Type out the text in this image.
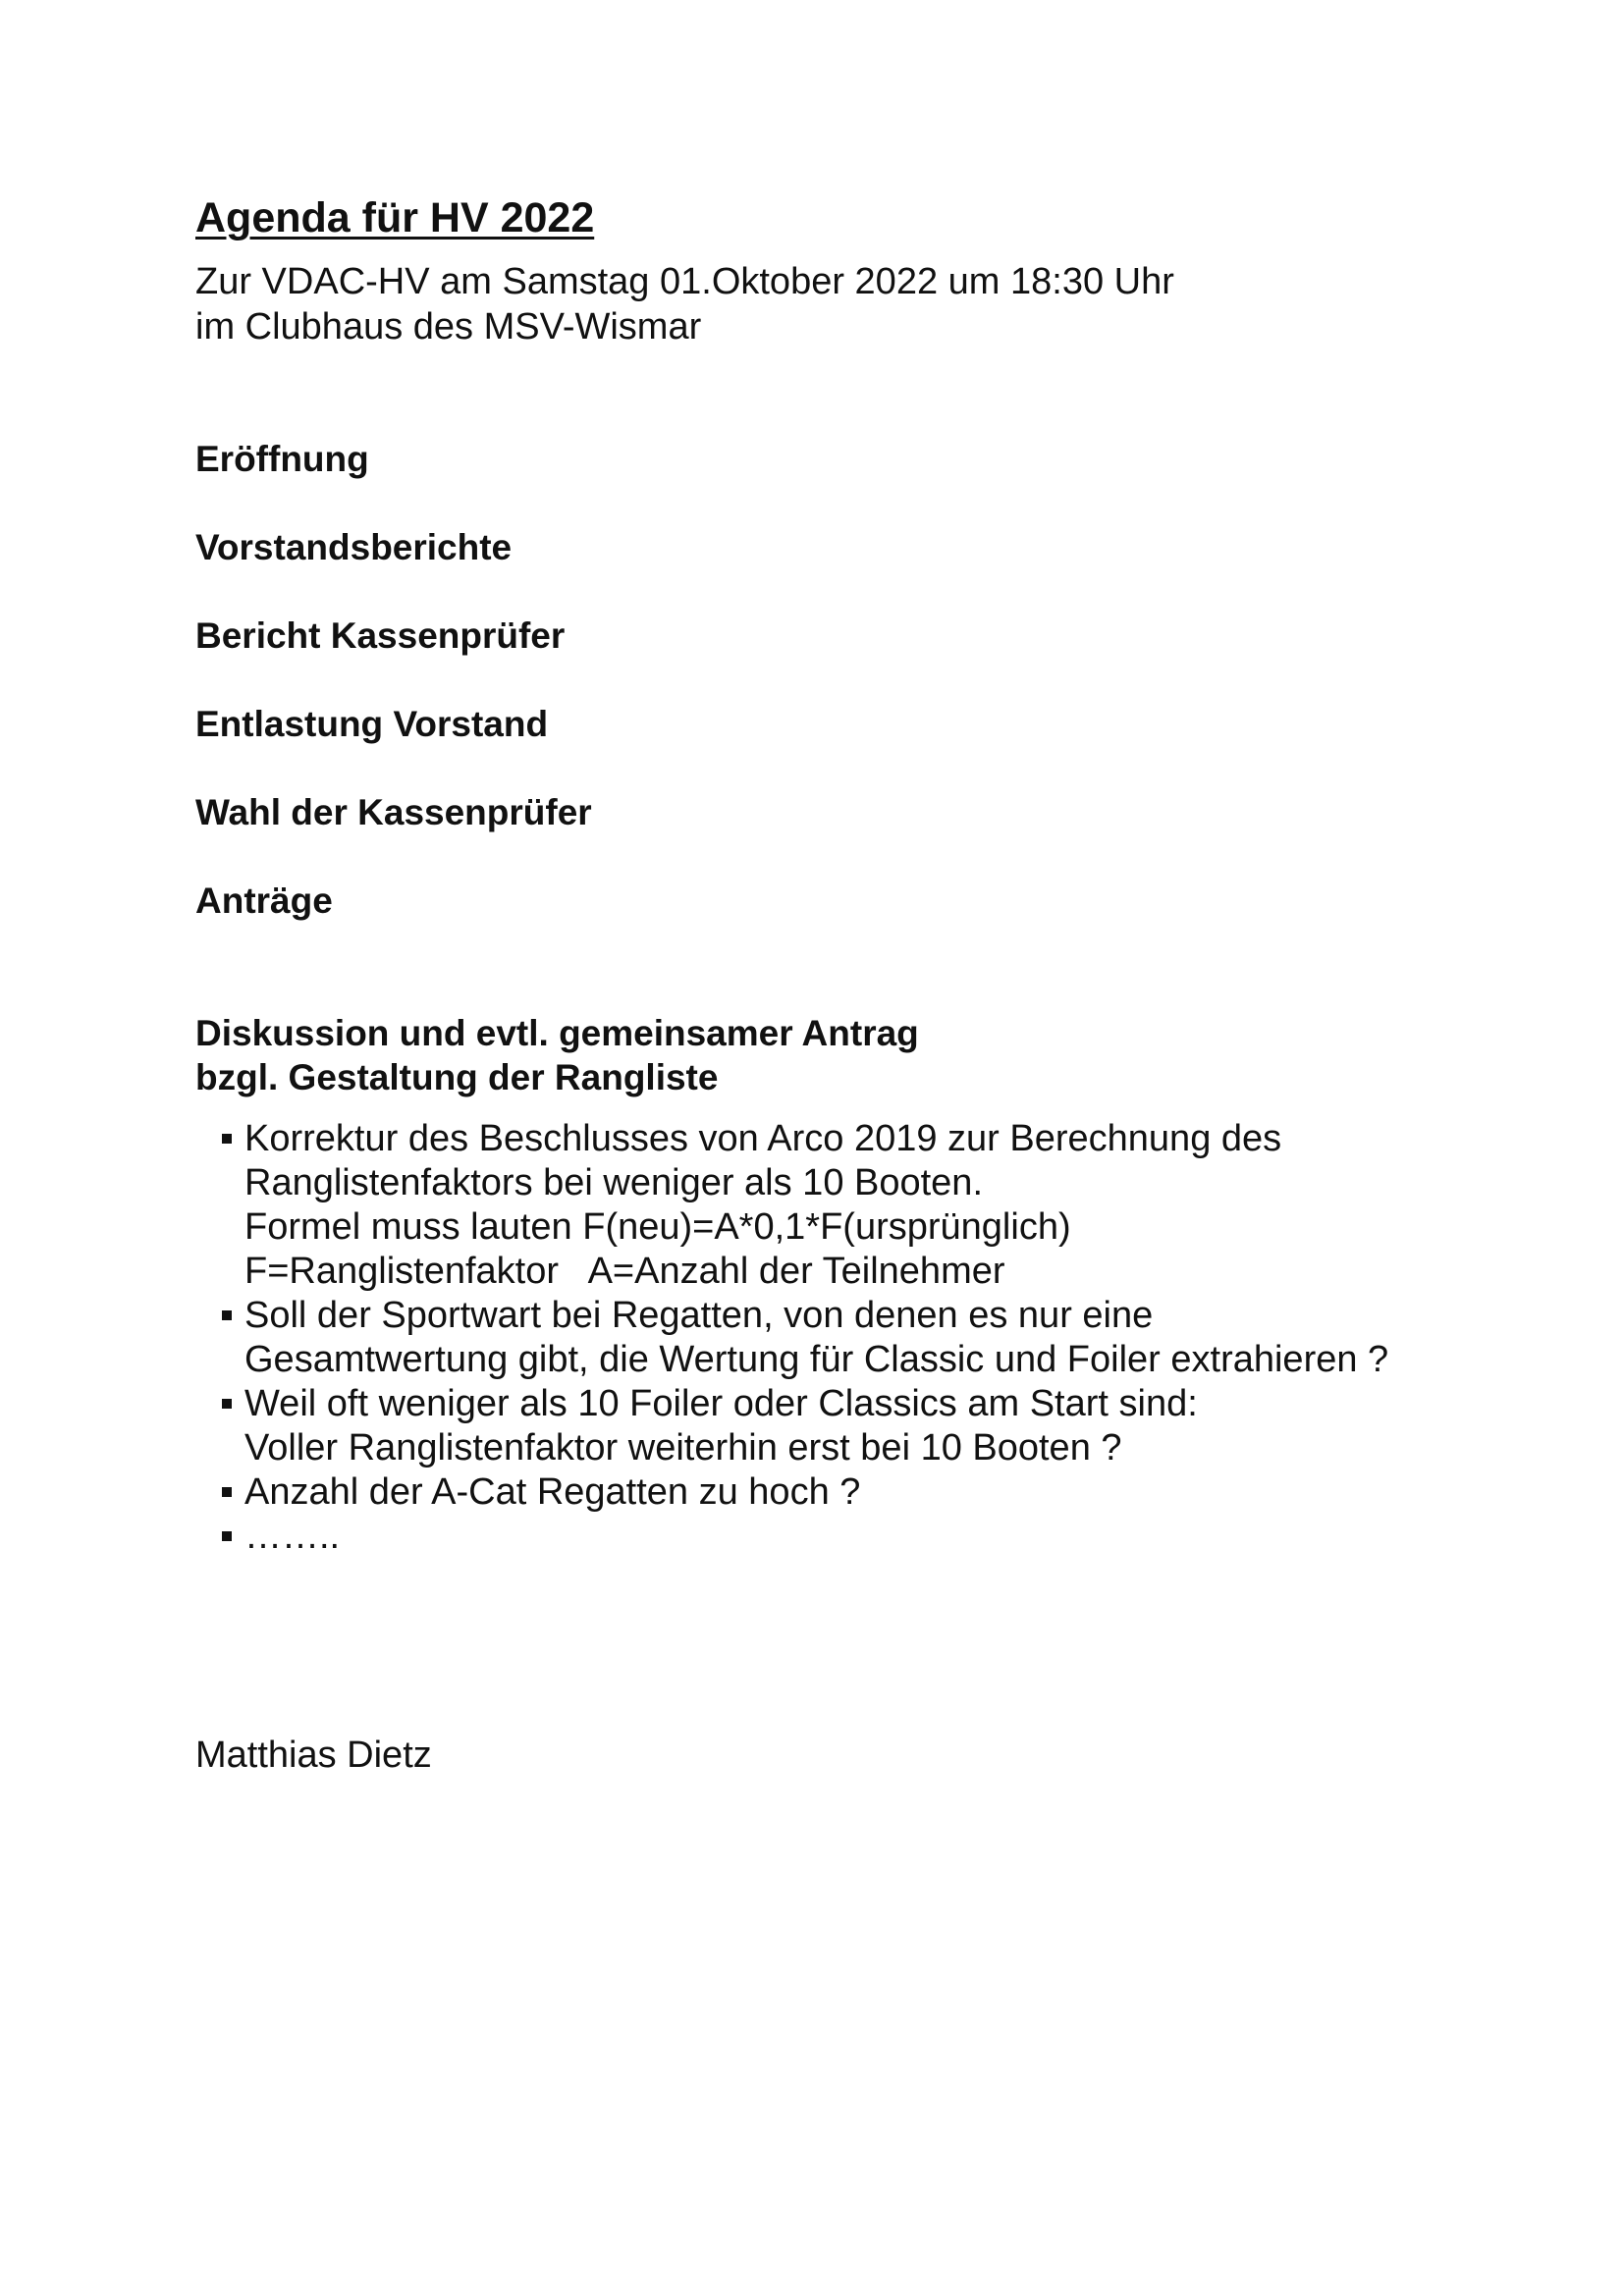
Agenda für HV 2022
Zur VDAC-HV am Samstag 01.Oktober 2022 um 18:30 Uhr
im Clubhaus des MSV-Wismar
Eröffnung
Vorstandsberichte
Bericht Kassenprüfer
Entlastung Vorstand
Wahl der Kassenprüfer
Anträge
Diskussion und evtl. gemeinsamer Antrag
bzgl. Gestaltung der Rangliste
Korrektur des Beschlusses von Arco 2019 zur Berechnung des
Ranglistenfaktors bei weniger als 10 Booten.
Formel muss lauten F(neu)=A*0,1*F(ursprünglich)
F=Ranglistenfaktor   A=Anzahl der Teilnehmer
Soll der Sportwart bei Regatten, von denen es nur eine
Gesamtwertung gibt, die Wertung für Classic und Foiler extrahieren ?
Weil oft weniger als 10 Foiler oder Classics am Start sind:
Voller Ranglistenfaktor weiterhin erst bei 10 Booten ?
Anzahl der A-Cat Regatten zu hoch ?
……..
Matthias Dietz
